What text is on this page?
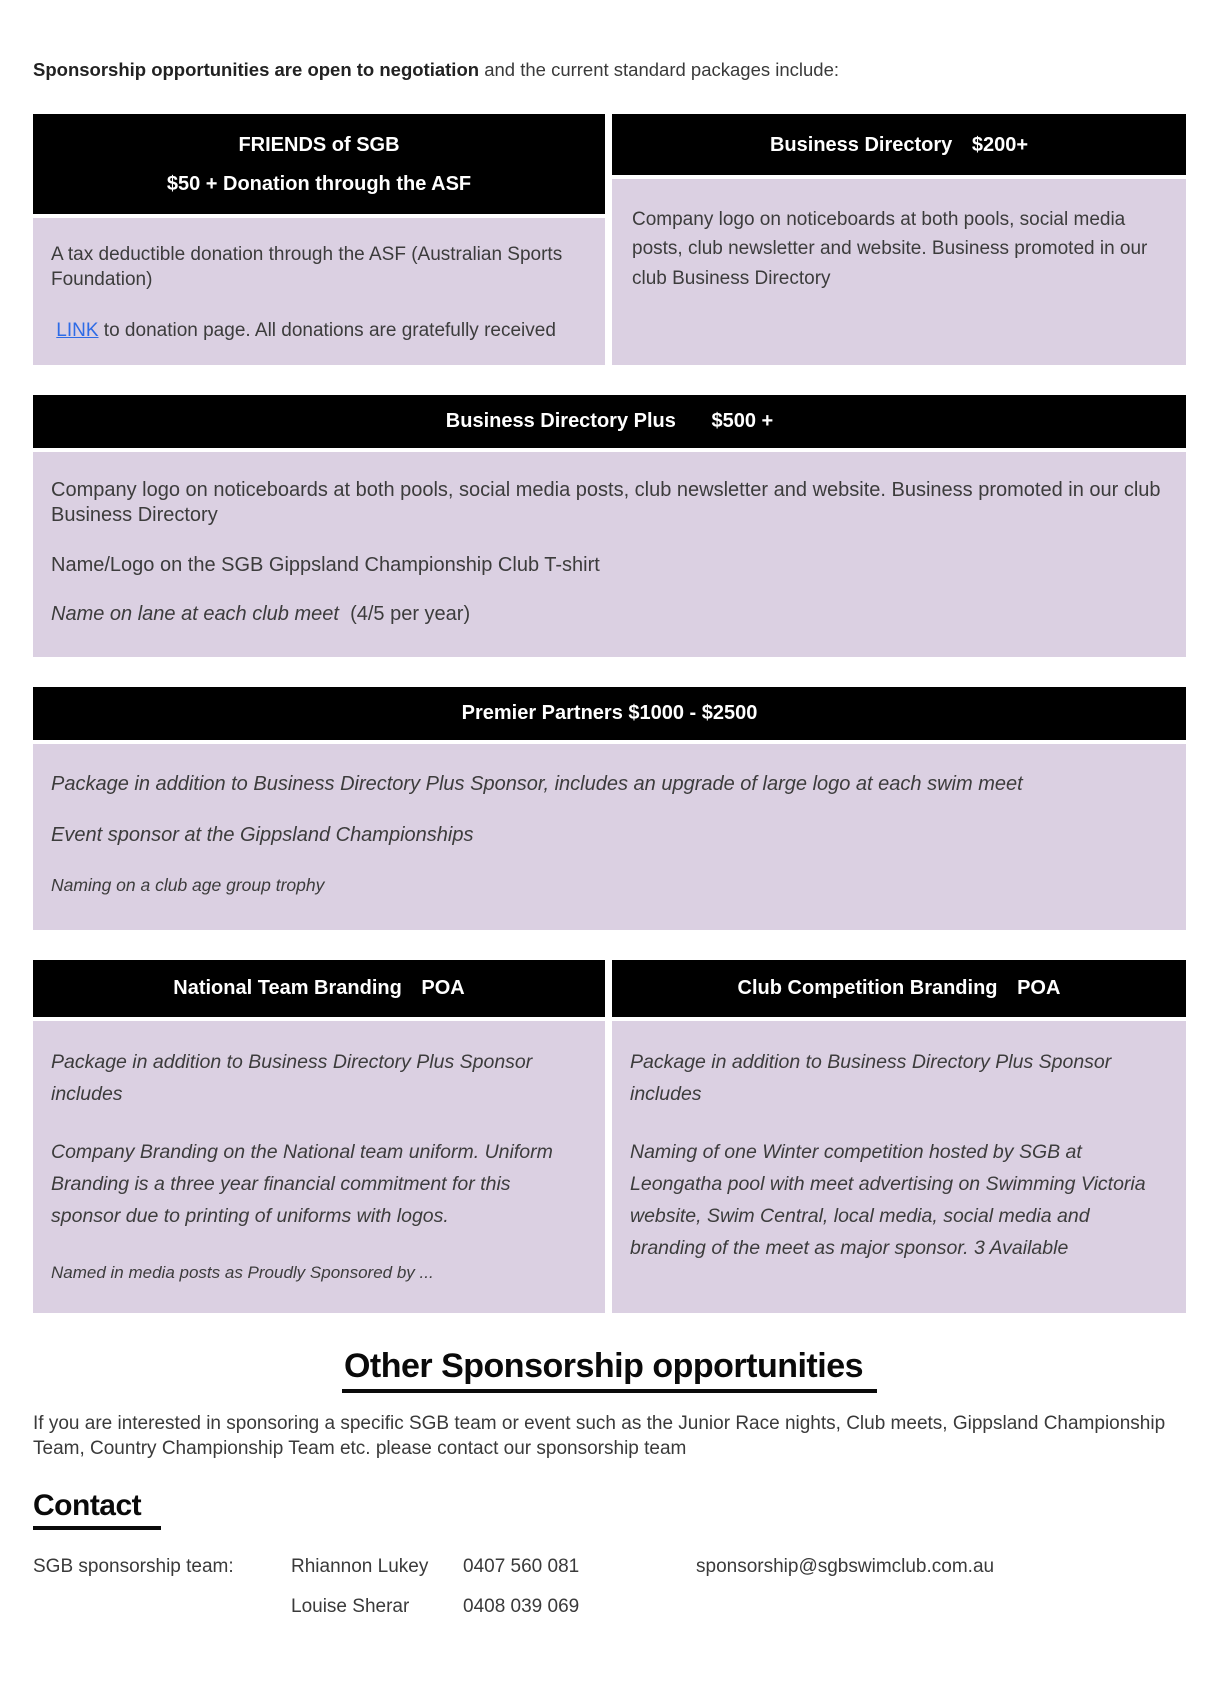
Sponsorship opportunities are open to negotiation and the current standard packages include:

FRIENDS of SGB
$50 + Donation through the ASF

A tax deductible donation through the ASF (Australian Sports Foundation)

LINK to donation page. All donations are gratefully received

Business Directory $200+

Company logo on noticeboards at both pools, social media posts, club newsletter and website. Business promoted in our club Business Directory

Business Directory Plus $500 +

Company logo on noticeboards at both pools, social media posts, club newsletter and website. Business promoted in our club Business Directory

Name/Logo on the SGB Gippsland Championship Club T-shirt

Name on lane at each club meet  (4/5 per year)

Premier Partners $1000 - $2500

Package in addition to Business Directory Plus Sponsor, includes an upgrade of large logo at each swim meet

Event sponsor at the Gippsland Championships

Naming on a club age group trophy

National Team Branding POA

Package in addition to Business Directory Plus Sponsor includes

Company Branding on the National team uniform. Uniform Branding is a three year financial commitment for this sponsor due to printing of uniforms with logos.

Named in media posts as Proudly Sponsored by ...

Club Competition Branding POA

Package in addition to Business Directory Plus Sponsor includes

Naming of one Winter competition hosted by SGB at Leongatha pool with meet advertising on Swimming Victoria website, Swim Central, local media, social media and branding of the meet as major sponsor. 3 Available

Other Sponsorship opportunities

If you are interested in sponsoring a specific SGB team or event such as the Junior Race nights, Club meets, Gippsland Championship Team, Country Championship Team etc. please contact our sponsorship team

Contact
SGB sponsorship team:	Rhiannon Lukey	0407 560 081	sponsorship@sgbswimclub.com.au
Louise Sherar	0408 039 069
